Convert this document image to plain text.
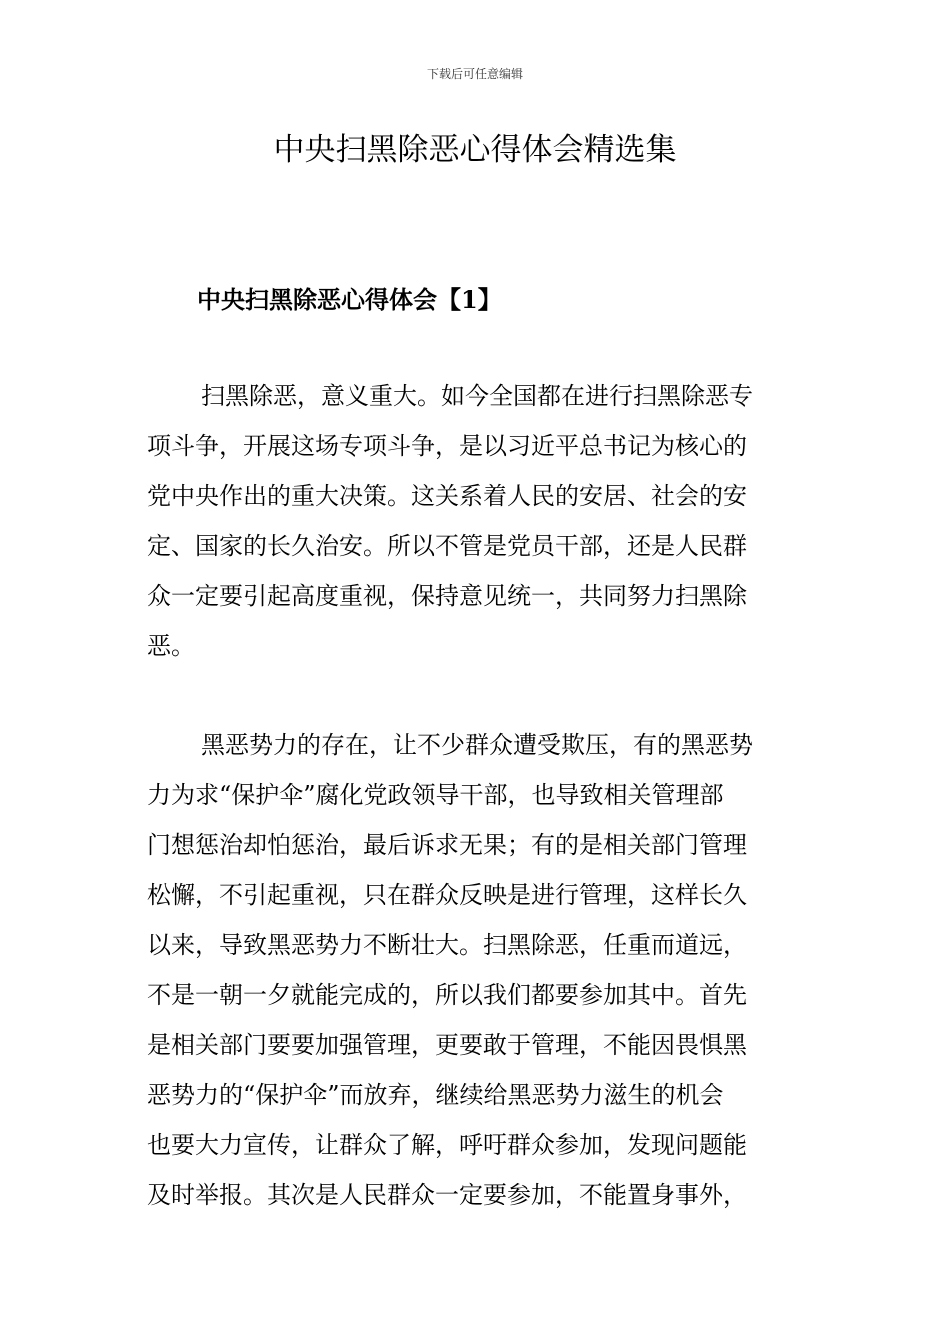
下载后可任意编辑
中央扫黑除恶心得体会精选集
中央扫黑除恶心得体会【1】
扫黑除恶，意义重大。如今全国都在进行扫黑除恶专
项斗争，开展这场专项斗争，是以习近平总书记为核心的
党中央作出的重大决策。这关系着人民的安居、社会的安
定、国家的长久治安。所以不管是党员干部，还是人民群
众一定要引起高度重视，保持意见统一，共同努力扫黑除
恶。
黑恶势力的存在，让不少群众遭受欺压，有的黑恶势
力为求“保护伞”腐化党政领导干部，也导致相关管理部
门想惩治却怕惩治，最后诉求无果；有的是相关部门管理
松懈，不引起重视，只在群众反映是进行管理，这样长久
以来，导致黑恶势力不断壮大。扫黑除恶，任重而道远，
不是一朝一夕就能完成的，所以我们都要参加其中。首先
是相关部门要要加强管理，更要敢于管理，不能因畏惧黑
恶势力的“保护伞”而放弃，继续给黑恶势力滋生的机会
也要大力宣传，让群众了解，呼吁群众参加，发现问题能
及时举报。其次是人民群众一定要参加，不能置身事外，
